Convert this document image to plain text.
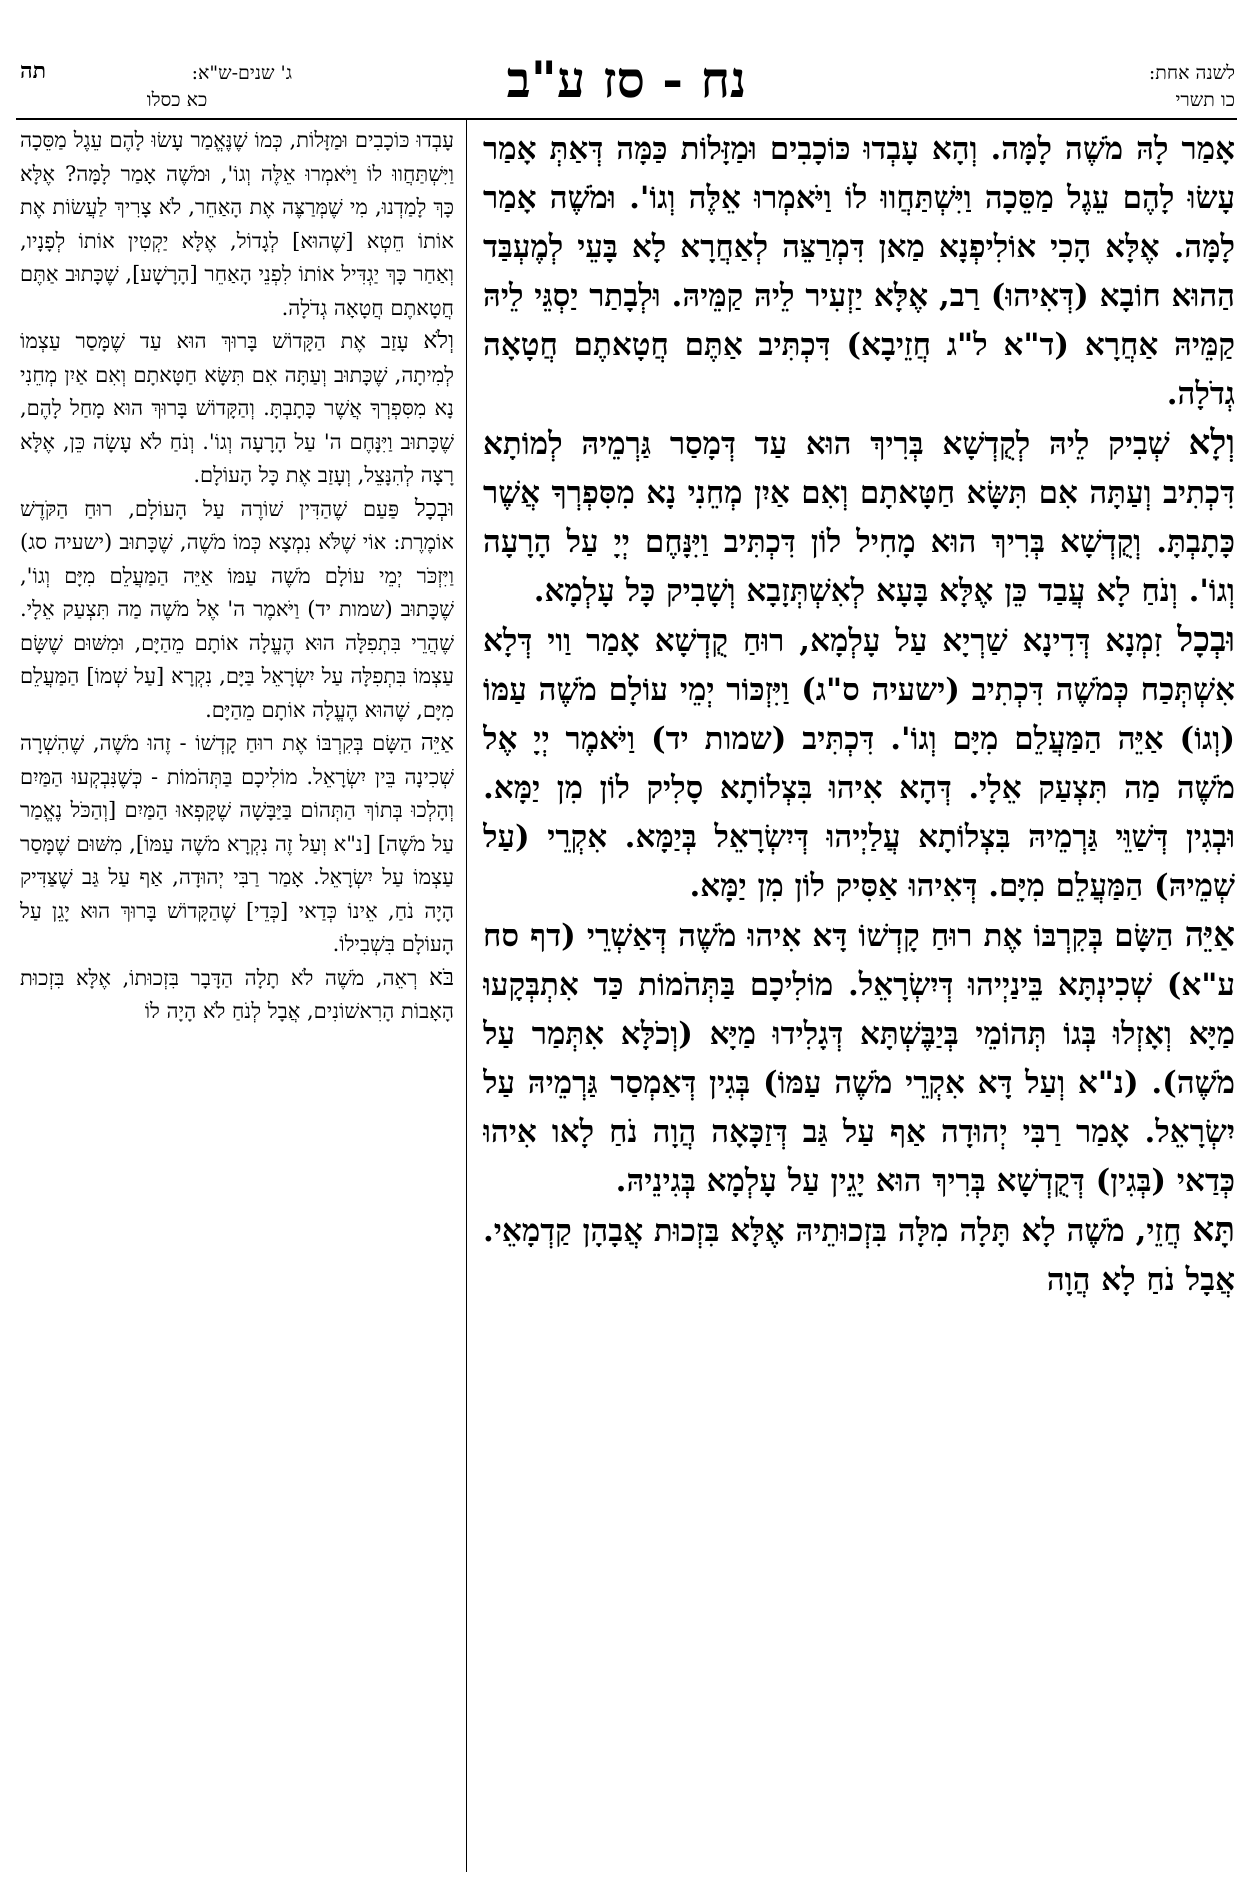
לשנה אחת:
כו תשרי
נח - סז ע"ב
ג' שנים-ש"א:
כא כסלו
תה

אָמַר לָהּ מֹשֶׁה לָמָּה. וְהָא עָבְדוּ כּוֹכָבִים וּמַזָּלוֹת כַּמָּה דְּאַתְּ אָמַר עָשׂוּ לָהֶם עֵגֶל מַסֵּכָה וַיִּשְׁתַּחֲווּ לוֹ וַיֹּאמְרוּ אֵלֶּה וְגוֹ'. וּמֹשֶׁה אָמַר לָמָּה. אֶלָּא הָכִי אוֹלִיפְנָא מַאן דִּמְרַצֵּה לְאַחֲרָא לָא בָּעֵי לְמֶעְבַּד הַהוּא חוֹבָא (דְּאִיהוּ) רַב, אֶלָּא יַזְעִיר לֵיהּ קַמֵּיהּ. וּלְבָתַר יַסְגֵּי לֵיהּ קַמֵּיהּ אַחֲרָא (ד"א ל"ג חֲזֵיבָא) דִּכְתִּיב אַתֶּם חֲטָאתֶם חֲטָאָה גְדֹלָה.

וְלָא שְׁבִיק לֵיהּ לְקֻדְשָׁא בְּרִיךְ הוּא עַד דְּמָסַר גַּרְמֵיהּ לְמוֹתָא דִּכְתִיב וְעַתָּה אִם תִּשָּׂא חַטָּאתָם וְאִם אַיִן מְחֵנִי נָא מִסִּפְרְךָ אֲשֶׁר כָּתָבְתָּ. וְקֻדְשָׁא בְּרִיךְ הוּא מָחִיל לוֹן דִּכְתִּיב וַיִּנָּחֶם יְיָ עַל הָרָעָה וְגוֹ'. וְנֹחַ לָא עֲבַד כֵּן אֶלָּא בָּעָא לְאִשְׁתְּזָבָא וְשָׁבִיק כָּל עָלְמָא.

וּבְכָל זִמְנָא דְּדִינָא שַׁרְיָא עַל עָלְמָא, רוּחַ קֻדְשָׁא אָמַר וַוי דְּלָא אִשְׁתְּכַח כְּמֹשֶׁה דִּכְתִיב (ישעיה ס"ג) וַיִּזְכּוֹר יְמֵי עוֹלָם מֹשֶׁה עַמּוֹ (וְגוֹ) אַיֵּה הַמַּעֲלֵם מִיָּם וְגוֹ'. דִּכְתִּיב (שמות יד) וַיֹּאמֶר יְיָ אֶל מֹשֶׁה מַה תִּצְעַק אֵלָי. דְּהָא אִיהוּ בִּצְלוֹתָא סָלִיק לוֹן מִן יַמָּא. וּבְגִין דְּשַׁוֵּי גַּרְמֵיהּ בִּצְלוֹתָא עֲלַיְיהוּ דְּיִשְׂרָאֵל בְּיַמָּא. אִקְרֵי (עַל שְׁמֵיהּ) הַמַּעֲלֵם מִיָּם. דְּאִיהוּ אַסִּיק לוֹן מִן יַמָּא.

אַיֵּה הַשָּׂם בְּקִרְבּוֹ אֶת רוּחַ קָדְשׁוֹ דָּא אִיהוּ מֹשֶׁה דְּאַשְׁרֵי (דף סח ע"א) שְׁכִינְתָּא בֵּינַיְיהוּ דְּיִשְׂרָאֵל. מוֹלִיכָם בַּתְּהֹמוֹת כַּד אִתְבְּקָעוּ מַיָּא וְאָזְלוּ בְּגוֹ תְּהוֹמֵי בְּיַבֶּשְׁתָּא דְּגָלִידוּ מַיָּא (וְכֹלָּא אִתְּמַר עַל מֹשֶׁה). (נ"א וְעַל דָּא אִקְרֵי מֹשֶׁה עַמּוֹ) בְּגִין דְּאַמְסַר גַּרְמֵיהּ עַל יִשְׂרָאֵל. אָמַר רַבִּי יְהוּדָה אַף עַל גַּב דְּזַכָּאָה הֲוָה נֹחַ לָאו אִיהוּ כְּדַאי (בְּגִין) דְּקֻדְשָׁא בְּרִיךְ הוּא יָגֵין עַל עָלְמָא בְּגִינֵיהּ.

תָּא חֲזֵי, מֹשֶׁה לָא תָּלָה מִלָּה בִּזְכוּתֵיהּ אֶלָּא בִּזְכוּת אֲבָהָן קַדְמָאֵי. אֲבָל נֹחַ לָא הֲוָה

עָבְדוּ כּוֹכָבִים וּמַזָּלוֹת, כְּמוֹ שֶׁנֶּאֱמַר עָשׂוּ לָהֶם עֵגֶל מַסֵּכָה וַיִּשְׁתַּחֲווּ לוֹ וַיֹּאמְרוּ אֵלֶּה וְגוֹ', וּמֹשֶׁה אָמַר לָמָּה? אֶלָּא כָּךְ לָמַדְנוּ, מִי שֶׁמְּרַצֶּה אֶת הָאַחֵר, לֹא צָרִיךְ לַעֲשׂוֹת אֶת אוֹתוֹ חֵטְא [שֶׁהוּא] לְגָדוֹל, אֶלָּא יַקְטִין אוֹתוֹ לְפָנָיו, וְאַחַר כָּךְ יַגְדִּיל אוֹתוֹ לִפְנֵי הָאַחֵר [הָרָשָׁע], שֶׁכָּתוּב אַתֶּם חֲטָאתֶם חֲטָאָה גְדֹלָה.

וְלֹא עָזַב אֶת הַקָּדוֹשׁ בָּרוּךְ הוּא עַד שֶׁמָּסַר עַצְמוֹ לְמִיתָה, שֶׁכָּתוּב וְעַתָּה אִם תִּשָּׂא חַטָּאתָם וְאִם אַיִן מְחֵנִי נָא מִסִּפְרְךָ אֲשֶׁר כָּתָבְתָּ. וְהַקָּדוֹשׁ בָּרוּךְ הוּא מָחַל לָהֶם, שֶׁכָּתוּב וַיִּנָּחֶם ה' עַל הָרָעָה וְגוֹ'. וְנֹחַ לֹא עָשָׂה כֵּן, אֶלָּא רָצָה לְהִנָּצֵל, וְעָזַב אֶת כָּל הָעוֹלָם.

וּבְכָל פַּעַם שֶׁהַדִּין שׁוֹרֶה עַל הָעוֹלָם, רוּחַ הַקֹּדֶשׁ אוֹמֶרֶת: אוֹי שֶׁלֹּא נִמְצָא כְּמוֹ מֹשֶׁה, שֶׁכָּתוּב (ישעיה סג) וַיִּזְכֹּר יְמֵי עוֹלָם מֹשֶׁה עַמּוֹ אַיֵּה הַמַּעֲלֵם מִיָּם וְגוֹ', שֶׁכָּתוּב (שמות יד) וַיֹּאמֶר ה' אֶל מֹשֶׁה מַה תִּצְעַק אֵלָי. שֶׁהֲרֵי בִּתְפִלָּה הוּא הֶעֱלָה אוֹתָם מֵהַיָּם, וּמִשּׁוּם שֶׁשָּׂם עַצְמוֹ בִּתְפִלָּה עַל יִשְׂרָאֵל בַּיָּם, נִקְרָא [עַל שְׁמוֹ] הַמַּעֲלֵם מִיָּם, שֶׁהוּא הֶעֱלָה אוֹתָם מֵהַיָּם.

אַיֵּה הַשָּׂם בְּקִרְבּוֹ אֶת רוּחַ קָדְשׁוֹ - זֶהוּ מֹשֶׁה, שֶׁהִשְׁרָה שְׁכִינָה בֵּין יִשְׂרָאֵל. מוֹלִיכָם בַּתְּהֹמוֹת - כְּשֶׁנִּבְקְעוּ הַמַּיִם וְהָלְכוּ בְּתוֹךְ הַתְּהוֹם בַּיַּבָּשָׁה שֶׁקָּפְאוּ הַמַּיִם [וְהַכֹּל נֶאֱמַר עַל מֹשֶׁה] [נ"א וְעַל זֶה נִקְרָא מֹשֶׁה עַמּוֹ], מִשּׁוּם שֶׁמָּסַר עַצְמוֹ עַל יִשְׂרָאֵל. אָמַר רַבִּי יְהוּדָה, אַף עַל גַּב שֶׁצַּדִּיק הָיָה נֹחַ, אֵינוֹ כְּדַאי [כְּדֵי] שֶׁהַקָּדוֹשׁ בָּרוּךְ הוּא יָגֵן עַל הָעוֹלָם בִּשְׁבִילוֹ.

בֹּא רְאֵה, מֹשֶׁה לֹא תָלָה הַדָּבָר בִּזְכוּתוֹ, אֶלָּא בִּזְכוּת הָאָבוֹת הָרִאשׁוֹנִים, אֲבָל לְנֹחַ לֹא הָיָה לוֹ
